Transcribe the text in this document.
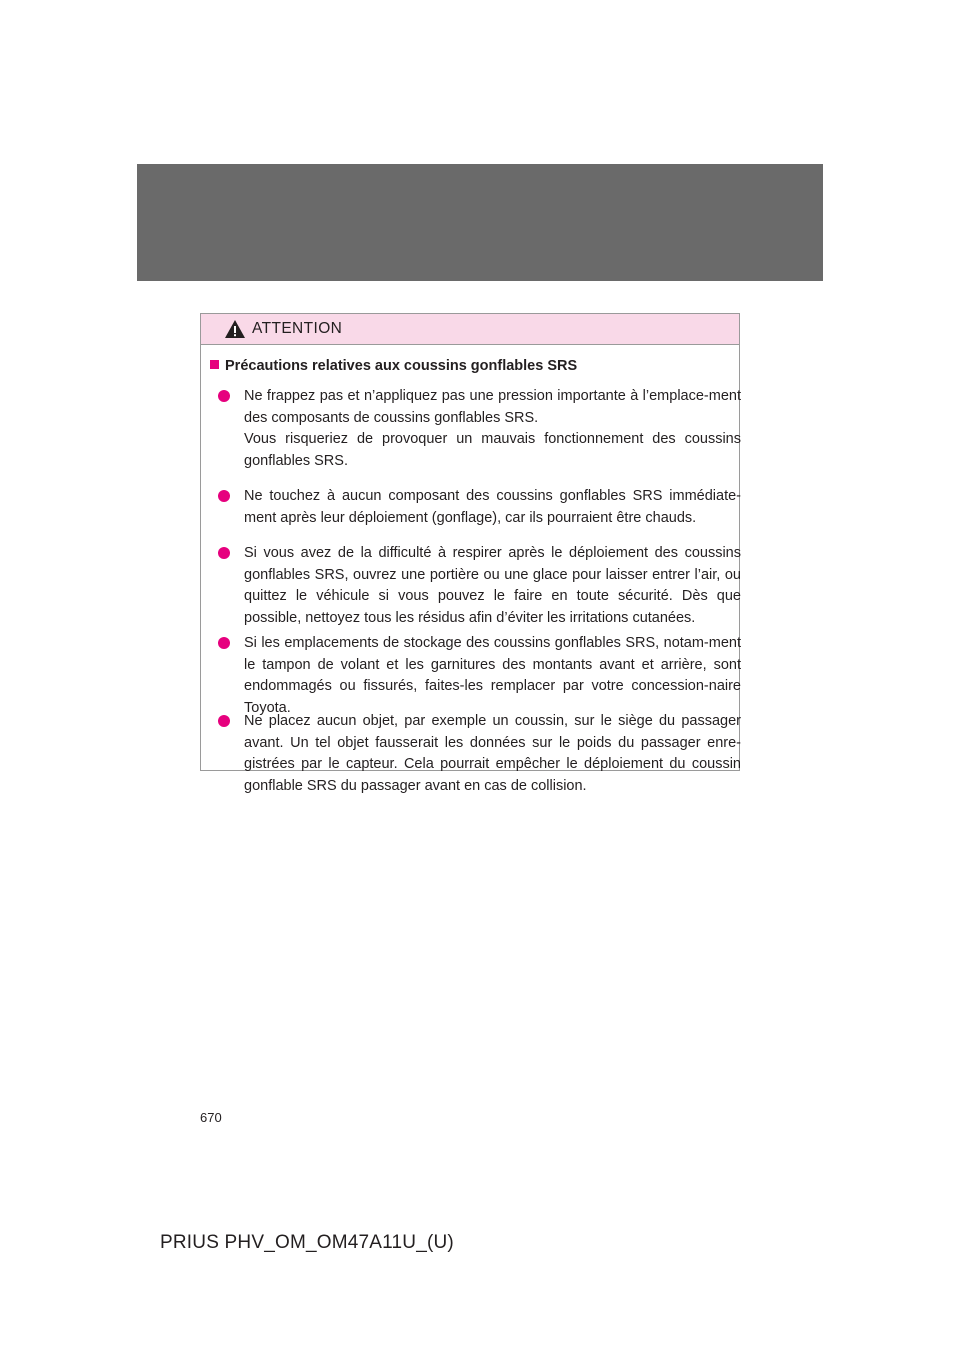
ATTENTION
Précautions relatives aux coussins gonflables SRS

Ne frappez pas et n’appliquez pas une pression importante à l’emplace-ment des composants de coussins gonflables SRS.

Vous risqueriez de provoquer un mauvais fonctionnement des coussins gonflables SRS.

Ne touchez à aucun composant des coussins gonflables SRS immédiate-ment après leur déploiement (gonflage), car ils pourraient être chauds.

Si vous avez de la difficulté à respirer après le déploiement des coussins gonflables SRS, ouvrez une portière ou une glace pour laisser entrer l’air, ou quittez le véhicule si vous pouvez le faire en toute sécurité. Dès que possible, nettoyez tous les résidus afin d’éviter les irritations cutanées.

Si les emplacements de stockage des coussins gonflables SRS, notam-ment le tampon de volant et les garnitures des montants avant et arrière, sont endommagés ou fissurés, faites-les remplacer par votre concession-naire Toyota.

Ne placez aucun objet, par exemple un coussin, sur le siège du passager avant. Un tel objet fausserait les données sur le poids du passager enre-gistrées par le capteur. Cela pourrait empêcher le déploiement du coussin gonflable SRS du passager avant en cas de collision.

670
PRIUS PHV_OM_OM47A11U_(U)
